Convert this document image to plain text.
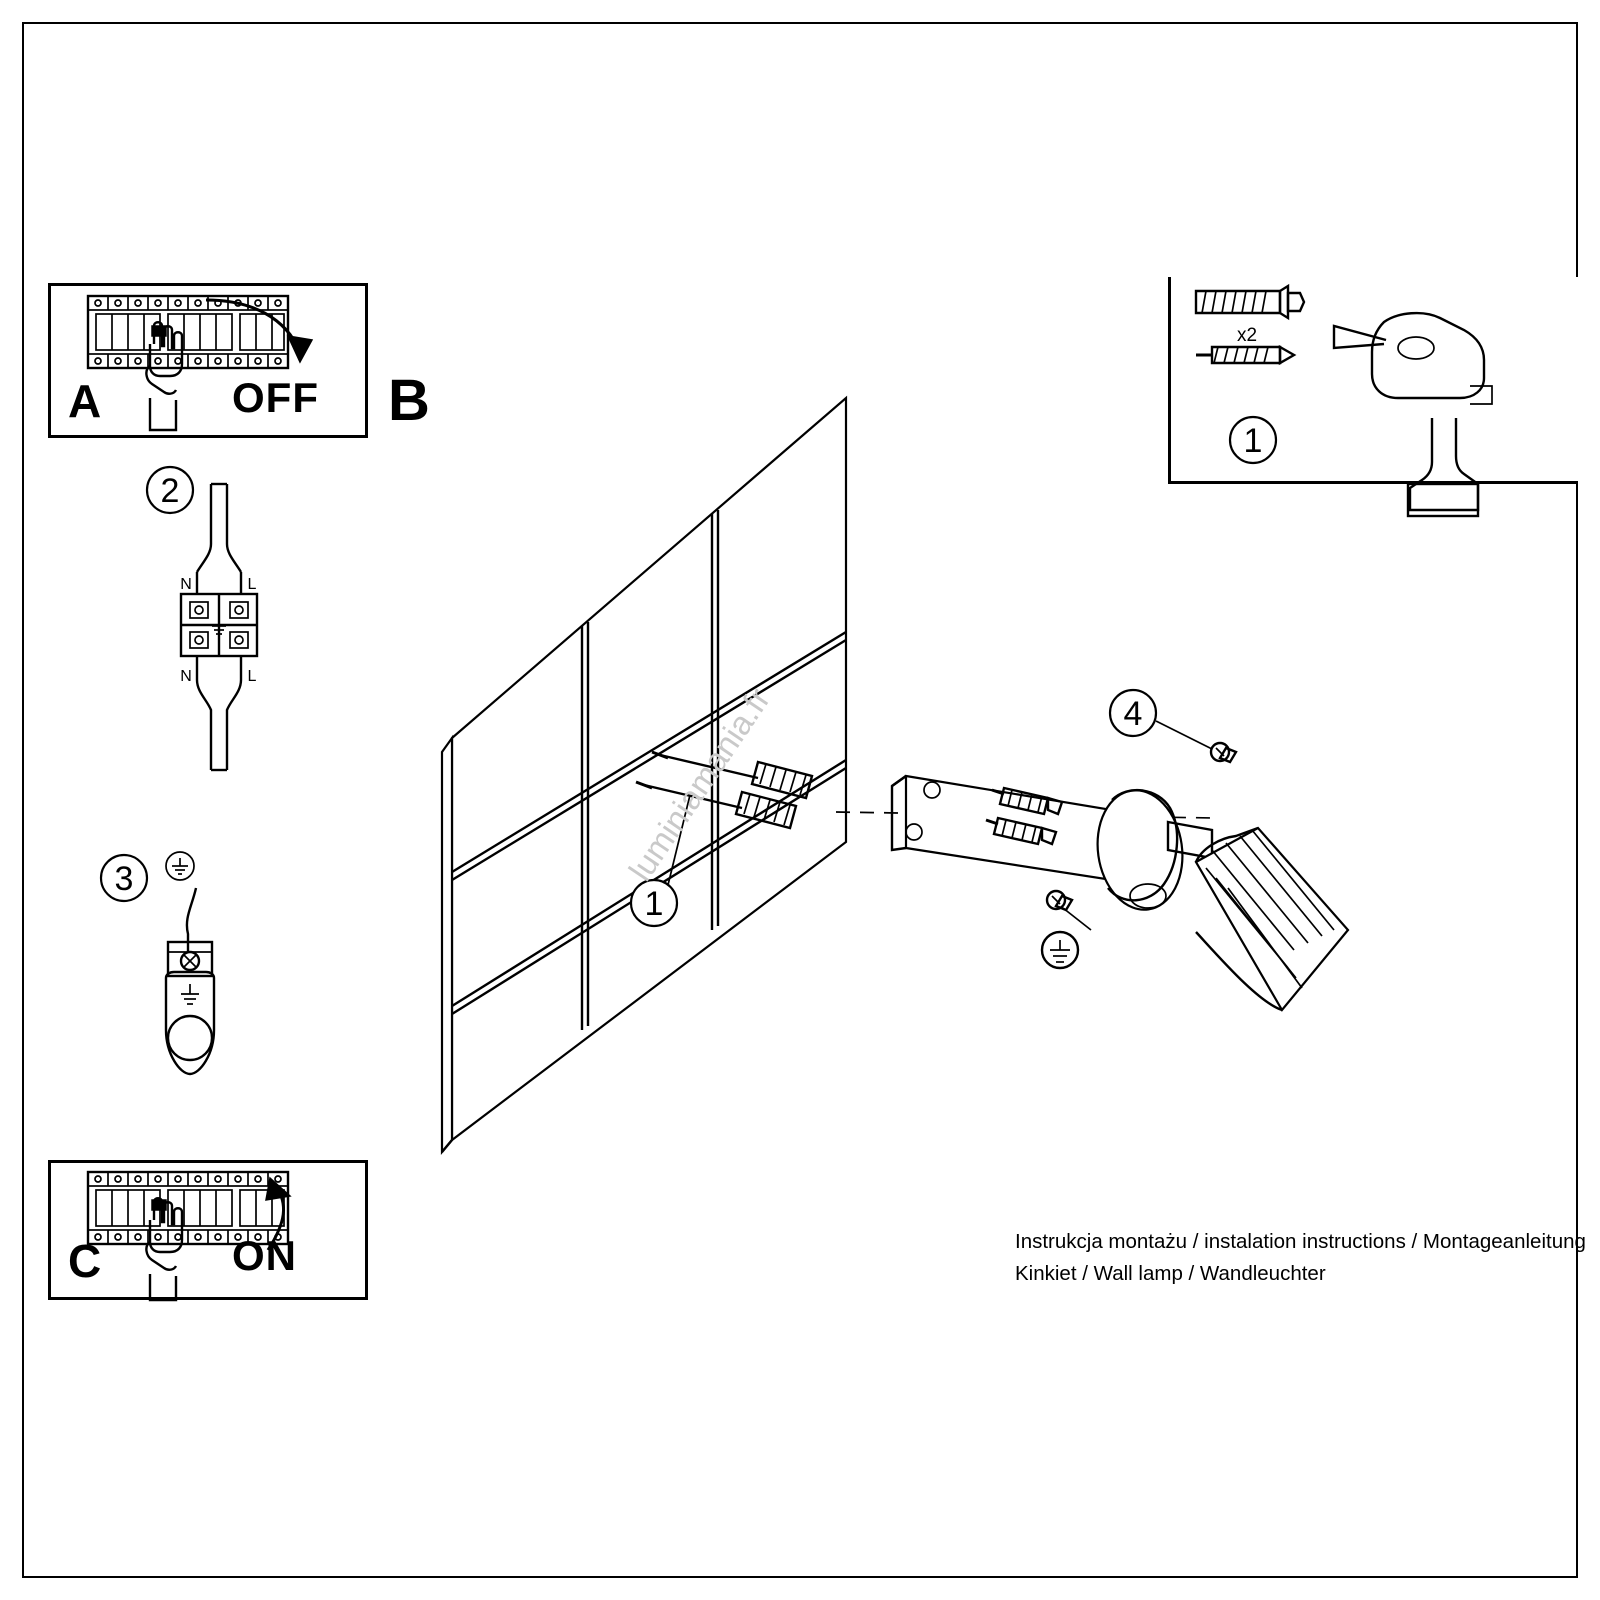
A	OFF
C	ON
x2
1
B
2
N	L
N	L
3
1
4
luminiamania.fr
Instrukcja montażu / instalation instructions / Montageanleitung
Kinkiet / Wall lamp / Wandleuchter
